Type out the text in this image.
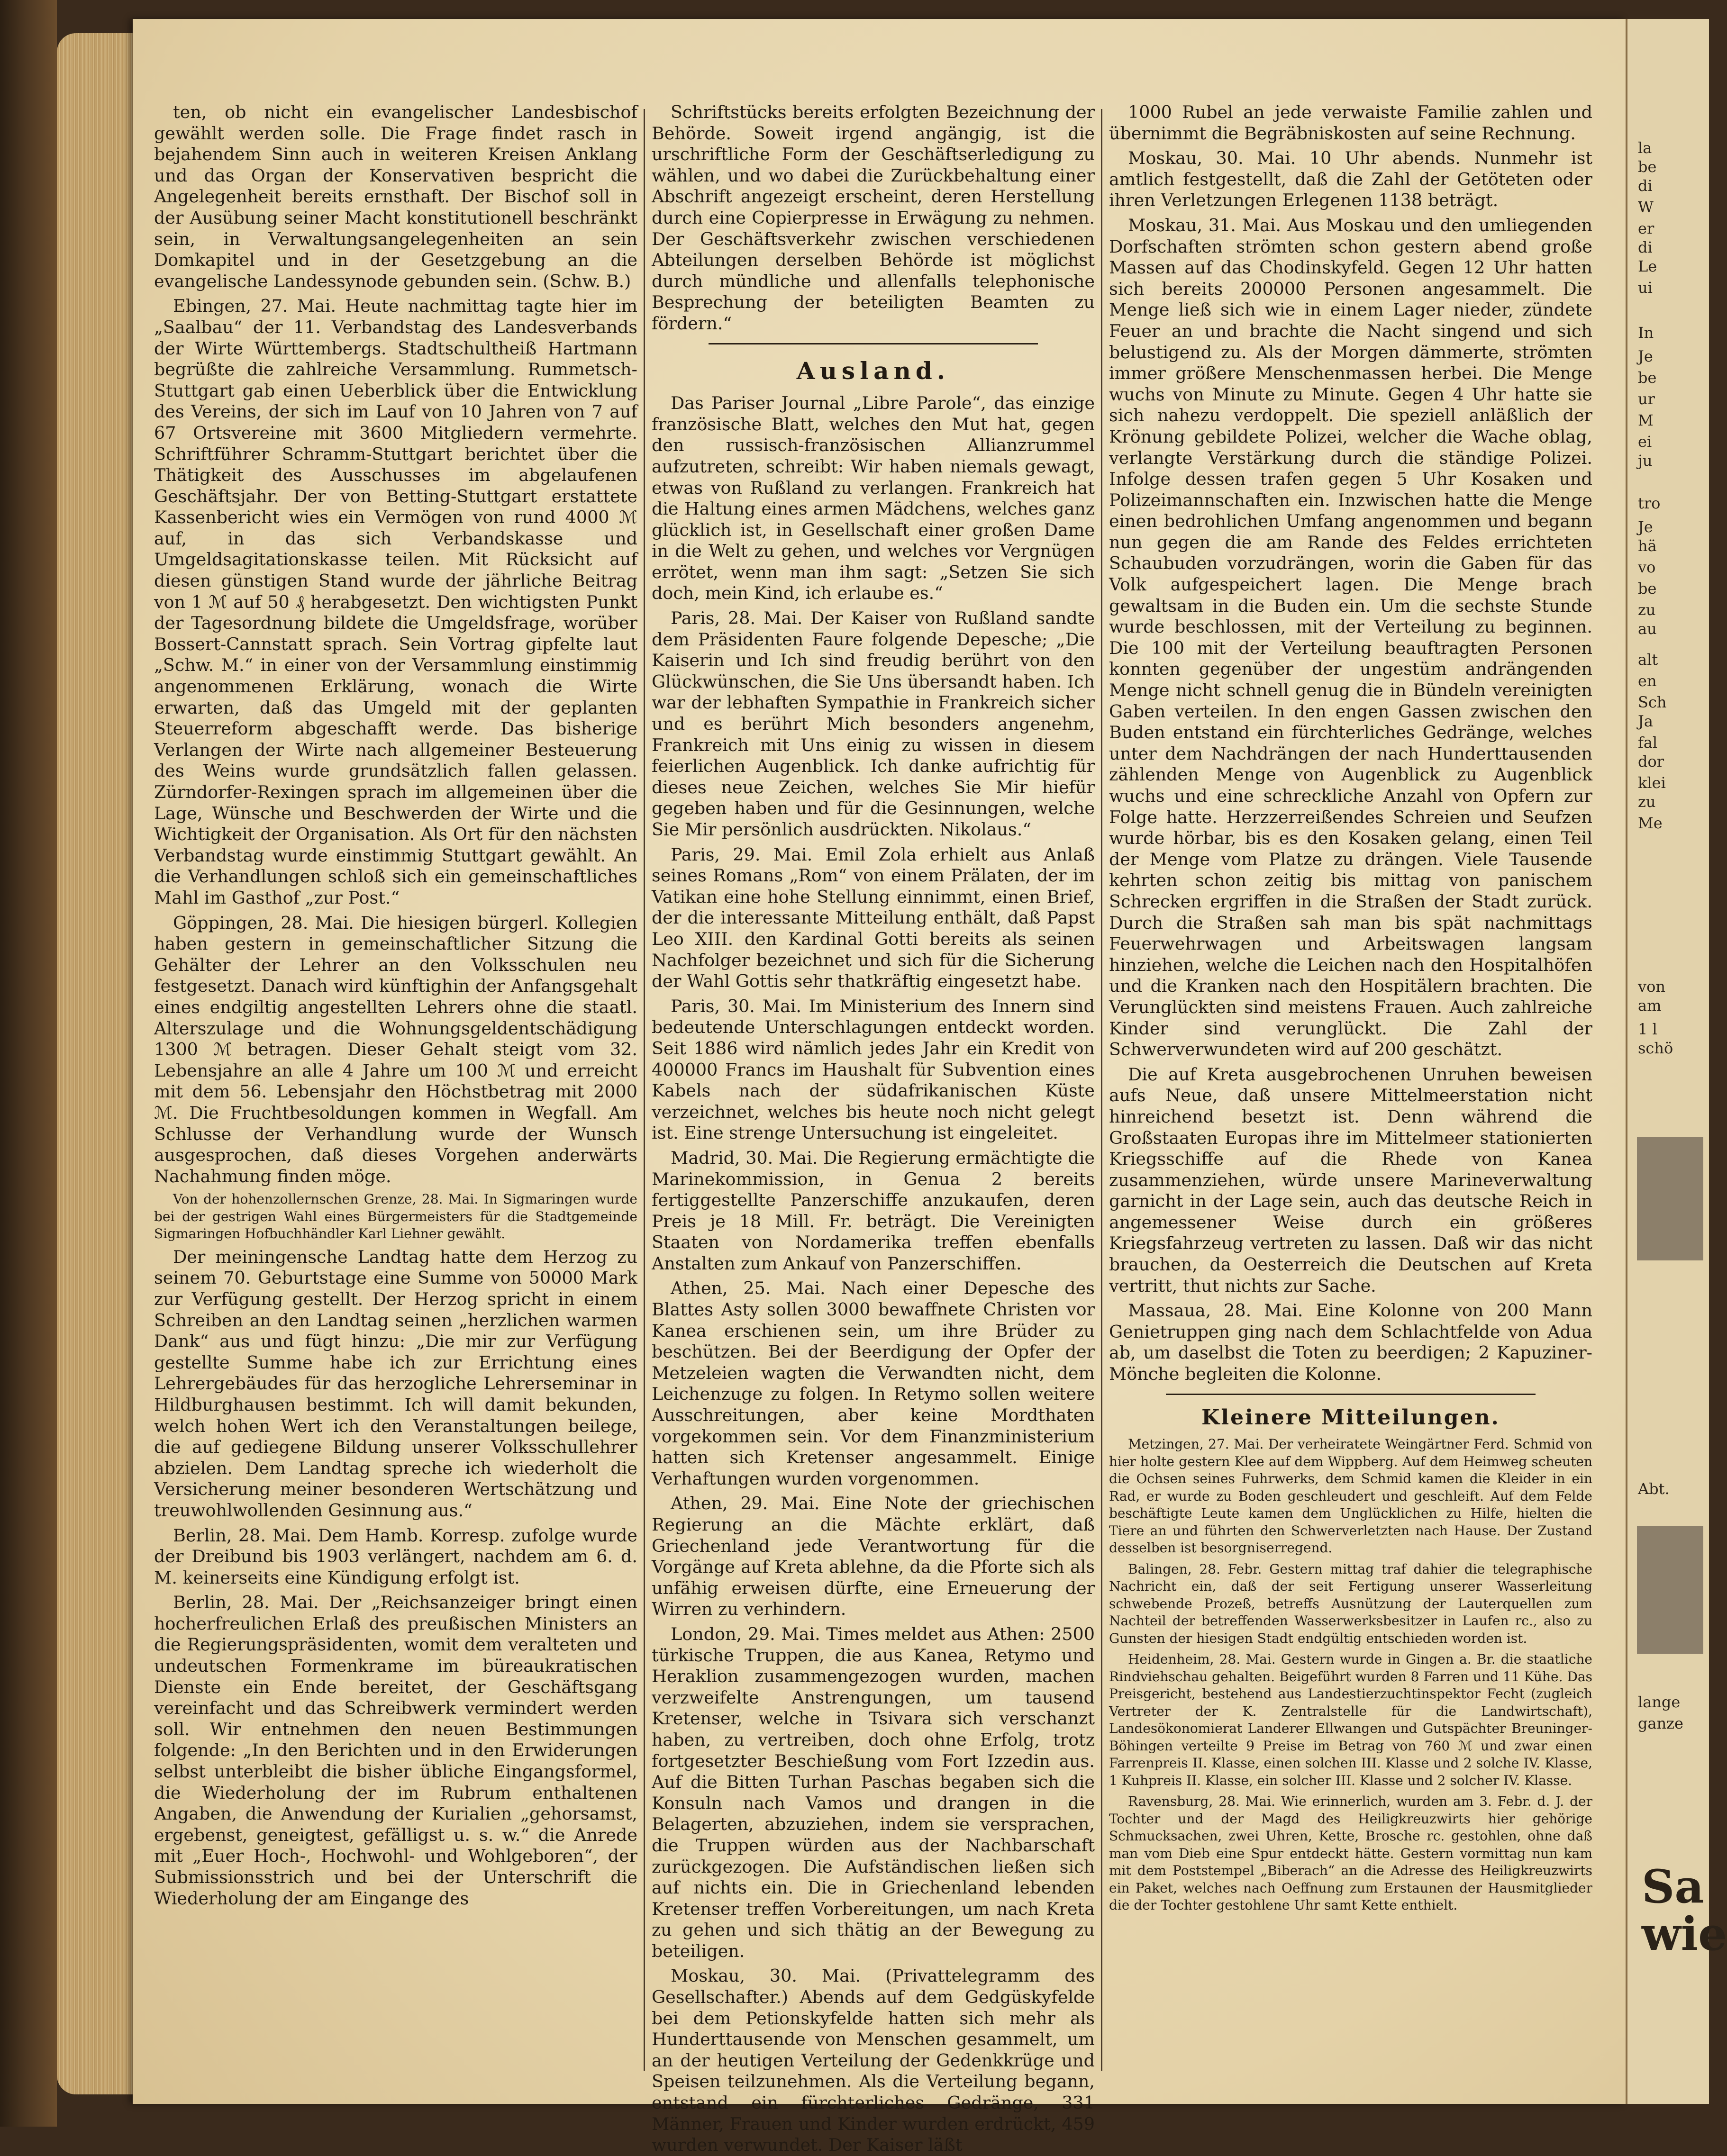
ten, ob nicht ein evangelischer Landesbischof gewählt werden solle. Die Frage findet rasch in bejahendem Sinn auch in weiteren Kreisen Anklang und das Organ der Konservativen bespricht die Angelegenheit bereits ernsthaft. Der Bischof soll in der Ausübung seiner Macht konstitutionell beschränkt sein, in Verwaltungsangelegenheiten an sein Domkapitel und in der Gesetzgebung an die evangelische Landessynode gebunden sein. (Schw. B.)

Ebingen, 27. Mai. Heute nachmittag tagte hier im „Saalbau“ der 11. Verbandstag des Landesverbands der Wirte Württembergs. Stadtschultheiß Hartmann begrüßte die zahlreiche Versammlung. Rummetsch-Stuttgart gab einen Ueberblick über die Entwicklung des Vereins, der sich im Lauf von 10 Jahren von 7 auf 67 Ortsvereine mit 3600 Mitgliedern vermehrte. Schriftführer Schramm-Stuttgart berichtet über die Thätigkeit des Ausschusses im abgelaufenen Geschäftsjahr. Der von Betting-Stuttgart erstattete Kassenbericht wies ein Vermögen von rund 4000 ℳ auf, in das sich Verbandskasse und Umgeldsagitationskasse teilen. Mit Rücksicht auf diesen günstigen Stand wurde der jährliche Beitrag von 1 ℳ auf 50 ₰ herabgesetzt. Den wichtigsten Punkt der Tagesordnung bildete die Umgeldsfrage, worüber Bossert-Cannstatt sprach. Sein Vortrag gipfelte laut „Schw. M.“ in einer von der Versammlung einstimmig angenommenen Erklärung, wonach die Wirte erwarten, daß das Umgeld mit der geplanten Steuerreform abgeschafft werde. Das bisherige Verlangen der Wirte nach allgemeiner Besteuerung des Weins wurde grundsätzlich fallen gelassen. Zürndorfer-Rexingen sprach im allgemeinen über die Lage, Wünsche und Beschwerden der Wirte und die Wichtigkeit der Organisation. Als Ort für den nächsten Verbandstag wurde einstimmig Stuttgart gewählt. An die Verhandlungen schloß sich ein gemeinschaftliches Mahl im Gasthof „zur Post.“

Göppingen, 28. Mai. Die hiesigen bürgerl. Kollegien haben gestern in gemeinschaftlicher Sitzung die Gehälter der Lehrer an den Volksschulen neu festgesetzt. Danach wird künftighin der Anfangsgehalt eines endgiltig angestellten Lehrers ohne die staatl. Alterszulage und die Wohnungsgeldentschädigung 1300 ℳ betragen. Dieser Gehalt steigt vom 32. Lebensjahre an alle 4 Jahre um 100 ℳ und erreicht mit dem 56. Lebensjahr den Höchstbetrag mit 2000 ℳ. Die Fruchtbesoldungen kommen in Wegfall. Am Schlusse der Verhandlung wurde der Wunsch ausgesprochen, daß dieses Vorgehen anderwärts Nachahmung finden möge.

Von der hohenzollernschen Grenze, 28. Mai. In Sigmaringen wurde bei der gestrigen Wahl eines Bürgermeisters für die Stadtgemeinde Sigmaringen Hofbuchhändler Karl Liehner gewählt.

Der meiningensche Landtag hatte dem Herzog zu seinem 70. Geburtstage eine Summe von 50000 Mark zur Verfügung gestellt. Der Herzog spricht in einem Schreiben an den Landtag seinen „herzlichen warmen Dank“ aus und fügt hinzu: „Die mir zur Verfügung gestellte Summe habe ich zur Errichtung eines Lehrergebäudes für das herzogliche Lehrerseminar in Hildburghausen bestimmt. Ich will damit bekunden, welch hohen Wert ich den Veranstaltungen beilege, die auf gediegene Bildung unserer Volksschullehrer abzielen. Dem Landtag spreche ich wiederholt die Versicherung meiner besonderen Wertschätzung und treuwohlwollenden Gesinnung aus.“

Berlin, 28. Mai. Dem Hamb. Korresp. zufolge wurde der Dreibund bis 1903 verlängert, nachdem am 6. d. M. keinerseits eine Kündigung erfolgt ist.

Berlin, 28. Mai. Der „Reichsanzeiger bringt einen hocherfreulichen Erlaß des preußischen Ministers an die Regierungspräsidenten, womit dem veralteten und undeutschen Formenkrame im büreaukratischen Dienste ein Ende bereitet, der Geschäftsgang vereinfacht und das Schreibwerk vermindert werden soll. Wir entnehmen den neuen Bestimmungen folgende: „In den Berichten und in den Erwiderungen selbst unterbleibt die bisher übliche Eingangsformel, die Wiederholung der im Rubrum enthaltenen Angaben, die Anwendung der Kurialien „gehorsamst, ergebenst, geneigtest, gefälligst u. s. w.“ die Anrede mit „Euer Hoch-, Hochwohl- und Wohlgeboren“, der Submissionsstrich und bei der Unterschrift die Wiederholung der am Eingange des

Schriftstücks bereits erfolgten Bezeichnung der Behörde. Soweit irgend angängig, ist die urschriftliche Form der Geschäftserledigung zu wählen, und wo dabei die Zurückbehaltung einer Abschrift angezeigt erscheint, deren Herstellung durch eine Copierpresse in Erwägung zu nehmen. Der Geschäftsverkehr zwischen verschiedenen Abteilungen derselben Behörde ist möglichst durch mündliche und allenfalls telephonische Besprechung der beteiligten Beamten zu fördern.“

Ausland.

Das Pariser Journal „Libre Parole“, das einzige französische Blatt, welches den Mut hat, gegen den russisch-französischen Allianzrummel aufzutreten, schreibt: Wir haben niemals gewagt, etwas von Rußland zu verlangen. Frankreich hat die Haltung eines armen Mädchens, welches ganz glücklich ist, in Gesellschaft einer großen Dame in die Welt zu gehen, und welches vor Vergnügen errötet, wenn man ihm sagt: „Setzen Sie sich doch, mein Kind, ich erlaube es.“

Paris, 28. Mai. Der Kaiser von Rußland sandte dem Präsidenten Faure folgende Depesche; „Die Kaiserin und Ich sind freudig berührt von den Glückwünschen, die Sie Uns übersandt haben. Ich war der lebhaften Sympathie in Frankreich sicher und es berührt Mich besonders angenehm, Frankreich mit Uns einig zu wissen in diesem feierlichen Augenblick. Ich danke aufrichtig für dieses neue Zeichen, welches Sie Mir hiefür gegeben haben und für die Gesinnungen, welche Sie Mir persönlich ausdrückten. Nikolaus.“

Paris, 29. Mai. Emil Zola erhielt aus Anlaß seines Romans „Rom“ von einem Prälaten, der im Vatikan eine hohe Stellung einnimmt, einen Brief, der die interessante Mitteilung enthält, daß Papst Leo XIII. den Kardinal Gotti bereits als seinen Nachfolger bezeichnet und sich für die Sicherung der Wahl Gottis sehr thatkräftig eingesetzt habe.

Paris, 30. Mai. Im Ministerium des Innern sind bedeutende Unterschlagungen entdeckt worden. Seit 1886 wird nämlich jedes Jahr ein Kredit von 400000 Francs im Haushalt für Subvention eines Kabels nach der südafrikanischen Küste verzeichnet, welches bis heute noch nicht gelegt ist. Eine strenge Untersuchung ist eingeleitet.

Madrid, 30. Mai. Die Regierung ermächtigte die Marinekommission, in Genua 2 bereits fertiggestellte Panzerschiffe anzukaufen, deren Preis je 18 Mill. Fr. beträgt. Die Vereinigten Staaten von Nordamerika treffen ebenfalls Anstalten zum Ankauf von Panzerschiffen.

Athen, 25. Mai. Nach einer Depesche des Blattes Asty sollen 3000 bewaffnete Christen vor Kanea erschienen sein, um ihre Brüder zu beschützen. Bei der Beerdigung der Opfer der Metzeleien wagten die Verwandten nicht, dem Leichenzuge zu folgen. In Retymo sollen weitere Ausschreitungen, aber keine Mordthaten vorgekommen sein. Vor dem Finanzministerium hatten sich Kretenser angesammelt. Einige Verhaftungen wurden vorgenommen.

Athen, 29. Mai. Eine Note der griechischen Regierung an die Mächte erklärt, daß Griechenland jede Verantwortung für die Vorgänge auf Kreta ablehne, da die Pforte sich als unfähig erweisen dürfte, eine Erneuerung der Wirren zu verhindern.

London, 29. Mai. Times meldet aus Athen: 2500 türkische Truppen, die aus Kanea, Retymo und Heraklion zusammengezogen wurden, machen verzweifelte Anstrengungen, um tausend Kretenser, welche in Tsivara sich verschanzt haben, zu vertreiben, doch ohne Erfolg, trotz fortgesetzter Beschießung vom Fort Izzedin aus. Auf die Bitten Turhan Paschas begaben sich die Konsuln nach Vamos und drangen in die Belagerten, abzuziehen, indem sie versprachen, die Truppen würden aus der Nachbarschaft zurückgezogen. Die Aufständischen ließen sich auf nichts ein. Die in Griechenland lebenden Kretenser treffen Vorbereitungen, um nach Kreta zu gehen und sich thätig an der Bewegung zu beteiligen.

Moskau, 30. Mai. (Privattelegramm des Gesellschafter.) Abends auf dem Gedgüskyfelde bei dem Petionskyfelde hatten sich mehr als Hunderttausende von Menschen gesammelt, um an der heutigen Verteilung der Gedenkkrüge und Speisen teilzunehmen. Als die Verteilung begann, entstand ein fürchterliches Gedränge, 331 Männer, Frauen und Kinder wurden erdrückt, 459 wurden verwundet. Der Kaiser läßt

1000 Rubel an jede verwaiste Familie zahlen und übernimmt die Begräbniskosten auf seine Rechnung.

Moskau, 30. Mai. 10 Uhr abends. Nunmehr ist amtlich festgestellt, daß die Zahl der Getöteten oder ihren Verletzungen Erlegenen 1138 beträgt.

Moskau, 31. Mai. Aus Moskau und den umliegenden Dorfschaften strömten schon gestern abend große Massen auf das Chodinskyfeld. Gegen 12 Uhr hatten sich bereits 200000 Personen angesammelt. Die Menge ließ sich wie in einem Lager nieder, zündete Feuer an und brachte die Nacht singend und sich belustigend zu. Als der Morgen dämmerte, strömten immer größere Menschenmassen herbei. Die Menge wuchs von Minute zu Minute. Gegen 4 Uhr hatte sie sich nahezu verdoppelt. Die speziell anläßlich der Krönung gebildete Polizei, welcher die Wache oblag, verlangte Verstärkung durch die ständige Polizei. Infolge dessen trafen gegen 5 Uhr Kosaken und Polizeimannschaften ein. Inzwischen hatte die Menge einen bedrohlichen Umfang angenommen und begann nun gegen die am Rande des Feldes errichteten Schaubuden vorzudrängen, worin die Gaben für das Volk aufgespeichert lagen. Die Menge brach gewaltsam in die Buden ein. Um die sechste Stunde wurde beschlossen, mit der Verteilung zu beginnen. Die 100 mit der Verteilung beauftragten Personen konnten gegenüber der ungestüm andrängenden Menge nicht schnell genug die in Bündeln vereinigten Gaben verteilen. In den engen Gassen zwischen den Buden entstand ein fürchterliches Gedränge, welches unter dem Nachdrängen der nach Hunderttausenden zählenden Menge von Augenblick zu Augenblick wuchs und eine schreckliche Anzahl von Opfern zur Folge hatte. Herzzerreißendes Schreien und Seufzen wurde hörbar, bis es den Kosaken gelang, einen Teil der Menge vom Platze zu drängen. Viele Tausende kehrten schon zeitig bis mittag von panischem Schrecken ergriffen in die Straßen der Stadt zurück. Durch die Straßen sah man bis spät nachmittags Feuerwehrwagen und Arbeitswagen langsam hinziehen, welche die Leichen nach den Hospitalhöfen und die Kranken nach den Hospitälern brachten. Die Verunglückten sind meistens Frauen. Auch zahlreiche Kinder sind verunglückt. Die Zahl der Schwerverwundeten wird auf 200 geschätzt.

Die auf Kreta ausgebrochenen Unruhen beweisen aufs Neue, daß unsere Mittelmeerstation nicht hinreichend besetzt ist. Denn während die Großstaaten Europas ihre im Mittelmeer stationierten Kriegsschiffe auf die Rhede von Kanea zusammenziehen, würde unsere Marineverwaltung garnicht in der Lage sein, auch das deutsche Reich in angemessener Weise durch ein größeres Kriegsfahrzeug vertreten zu lassen. Daß wir das nicht brauchen, da Oesterreich die Deutschen auf Kreta vertritt, thut nichts zur Sache.

Massaua, 28. Mai. Eine Kolonne von 200 Mann Genietruppen ging nach dem Schlachtfelde von Adua ab, um daselbst die Toten zu beerdigen; 2 Kapuziner-Mönche begleiten die Kolonne.

Kleinere Mitteilungen.

Metzingen, 27. Mai. Der verheiratete Weingärtner Ferd. Schmid von hier holte gestern Klee auf dem Wippberg. Auf dem Heimweg scheuten die Ochsen seines Fuhrwerks, dem Schmid kamen die Kleider in ein Rad, er wurde zu Boden geschleudert und geschleift. Auf dem Felde beschäftigte Leute kamen dem Unglücklichen zu Hilfe, hielten die Tiere an und führten den Schwerverletzten nach Hause. Der Zustand desselben ist besorgniserregend.

Balingen, 28. Febr. Gestern mittag traf dahier die telegraphische Nachricht ein, daß der seit Fertigung unserer Wasserleitung schwebende Prozeß, betreffs Ausnützung der Lauterquellen zum Nachteil der betreffenden Wasserwerksbesitzer in Laufen rc., also zu Gunsten der hiesigen Stadt endgültig entschieden worden ist.

Heidenheim, 28. Mai. Gestern wurde in Gingen a. Br. die staatliche Rindviehschau gehalten. Beigeführt wurden 8 Farren und 11 Kühe. Das Preisgericht, bestehend aus Landestierzuchtinspektor Fecht (zugleich Vertreter der K. Zentralstelle für die Landwirtschaft), Landesökonomierat Landerer Ellwangen und Gutspächter Breuninger-Böhingen verteilte 9 Preise im Betrag von 760 ℳ und zwar einen Farrenpreis II. Klasse, einen solchen III. Klasse und 2 solche IV. Klasse, 1 Kuhpreis II. Klasse, ein solcher III. Klasse und 2 solcher IV. Klasse.

Ravensburg, 28. Mai. Wie erinnerlich, wurden am 3. Febr. d. J. der Tochter und der Magd des Heiligkreuzwirts hier gehörige Schmucksachen, zwei Uhren, Kette, Brosche rc. gestohlen, ohne daß man vom Dieb eine Spur entdeckt hätte. Gestern vormittag nun kam mit dem Poststempel „Biberach“ an die Adresse des Heiligkreuzwirts ein Paket, welches nach Oeffnung zum Erstaunen der Hausmitglieder die der Tochter gestohlene Uhr samt Kette enthielt.

la
be
di
W
er
di
Le
ui
In
Je
be
ur
M
ei
ju
tro
Je
hä
vo
be
zu
au
alt
en
Sch
Ja
fal
dor
klei
zu
Me
von
am
1 l
schö
Abt.
lange
ganze
Sa
wie
